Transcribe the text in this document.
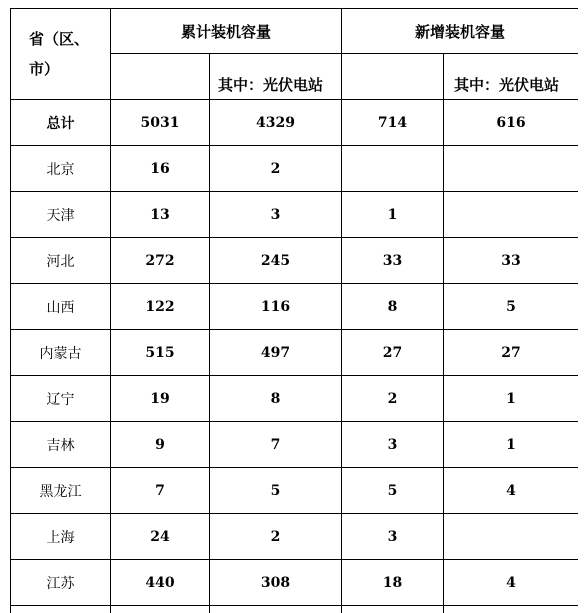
省（区、
市）	累计装机容量		新增装机容量	
		其中：光伏电站		其中：光伏电站
总计	5031	4329	714	616
北京	16	2		
天津	13	3	1	
河北	272	245	33	33
山西	122	116	8	5
内蒙古	515	497	27	27
辽宁	19	8	2	1
吉林	9	7	3	1
黑龙江	7	5	5	4
上海	24	2	3	
江苏	440	308	18	4
